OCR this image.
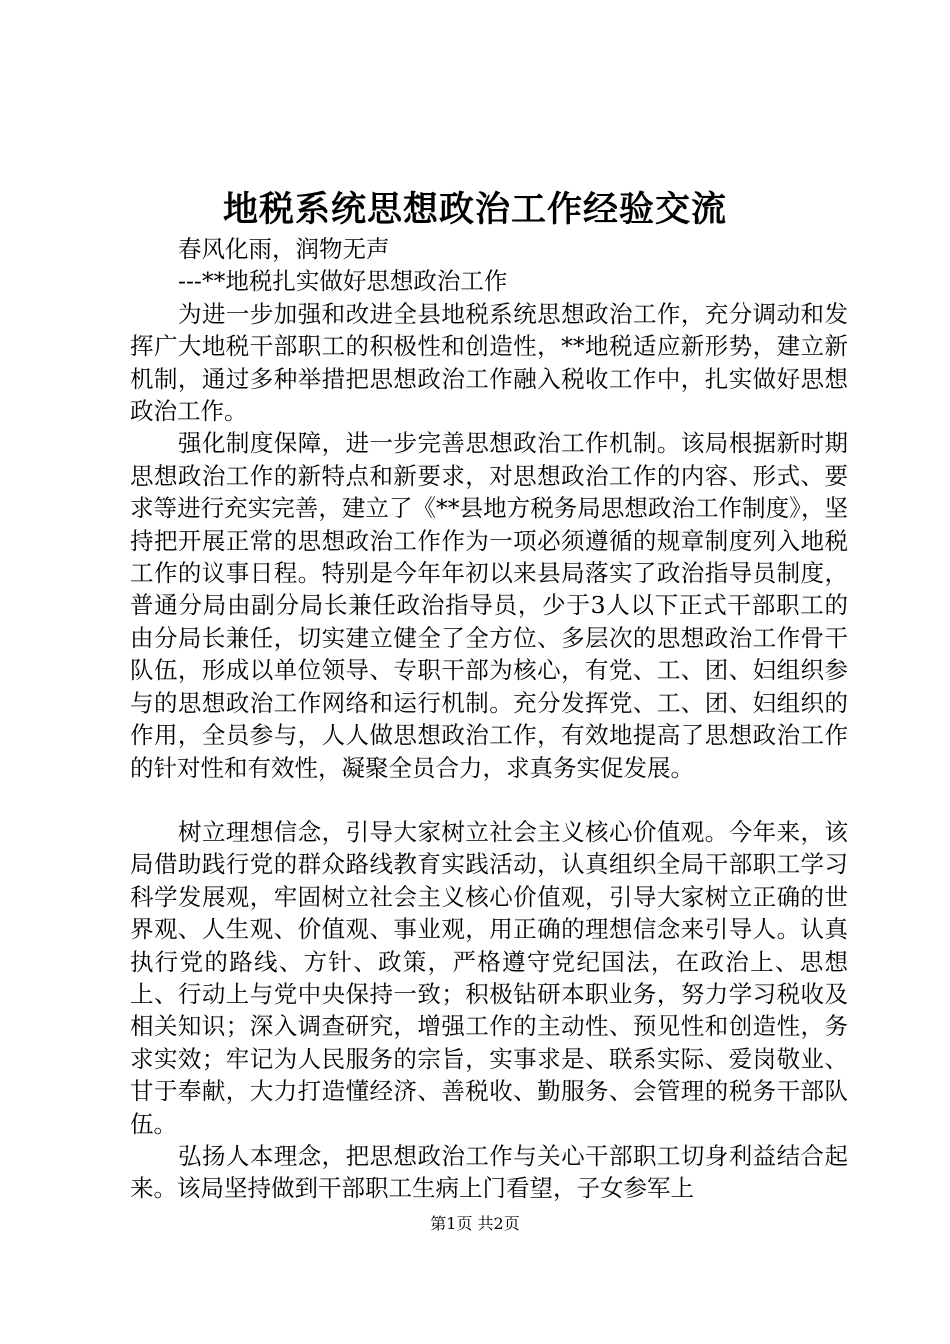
地税系统思想政治工作经验交流

春风化雨，润物无声

---**地税扎实做好思想政治工作

为进一步加强和改进全县地税系统思想政治工作，充分调动和发挥广大地税干部职工的积极性和创造性，**地税适应新形势，建立新机制，通过多种举措把思想政治工作融入税收工作中，扎实做好思想政治工作。

强化制度保障，进一步完善思想政治工作机制。该局根据新时期思想政治工作的新特点和新要求，对思想政治工作的内容、形式、要求等进行充实完善，建立了《**县地方税务局思想政治工作制度》，坚持把开展正常的思想政治工作作为一项必须遵循的规章制度列入地税工作的议事日程。特别是今年年初以来县局落实了政治指导员制度，普通分局由副分局长兼任政治指导员，少于3人以下正式干部职工的由分局长兼任，切实建立健全了全方位、多层次的思想政治工作骨干队伍，形成以单位领导、专职干部为核心，有党、工、团、妇组织参与的思想政治工作网络和运行机制。充分发挥党、工、团、妇组织的作用，全员参与，人人做思想政治工作，有效地提高了思想政治工作的针对性和有效性，凝聚全员合力，求真务实促发展。

树立理想信念，引导大家树立社会主义核心价值观。今年来，该局借助践行党的群众路线教育实践活动，认真组织全局干部职工学习科学发展观，牢固树立社会主义核心价值观，引导大家树立正确的世界观、人生观、价值观、事业观，用正确的理想信念来引导人。认真执行党的路线、方针、政策，严格遵守党纪国法，在政治上、思想上、行动上与党中央保持一致；积极钻研本职业务，努力学习税收及相关知识；深入调查研究，增强工作的主动性、预见性和创造性，务求实效；牢记为人民服务的宗旨，实事求是、联系实际、爱岗敬业、甘于奉献，大力打造懂经济、善税收、勤服务、会管理的税务干部队伍。

弘扬人本理念，把思想政治工作与关心干部职工切身利益结合起来。该局坚持做到干部职工生病上门看望，子女参军上

第1页 共2页
